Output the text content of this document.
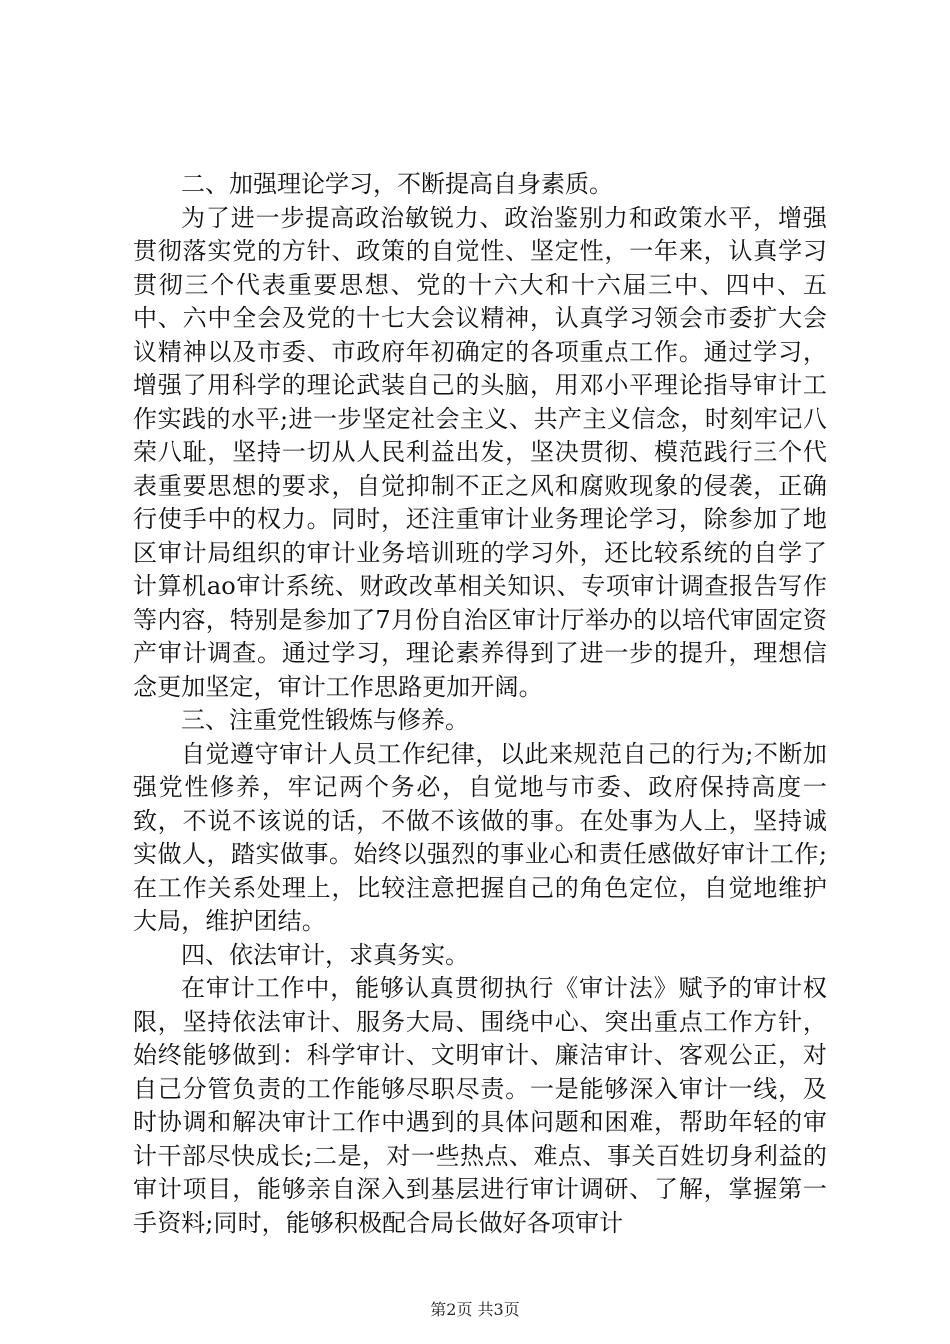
二、加强理论学习，不断提高自身素质。

为了进一步提高政治敏锐力、政治鉴别力和政策水平，增强贯彻落实党的方针、政策的自觉性、坚定性，一年来，认真学习贯彻三个代表重要思想、党的十六大和十六届三中、四中、五中、六中全会及党的十七大会议精神，认真学习领会市委扩大会议精神以及市委、市政府年初确定的各项重点工作。通过学习，增强了用科学的理论武装自己的头脑，用邓小平理论指导审计工作实践的水平;进一步坚定社会主义、共产主义信念，时刻牢记八荣八耻，坚持一切从人民利益出发，坚决贯彻、模范践行三个代表重要思想的要求，自觉抑制不正之风和腐败现象的侵袭，正确行使手中的权力。同时，还注重审计业务理论学习，除参加了地区审计局组织的审计业务培训班的学习外，还比较系统的自学了计算机ao审计系统、财政改革相关知识、专项审计调查报告写作等内容，特别是参加了7月份自治区审计厅举办的以培代审固定资产审计调查。通过学习，理论素养得到了进一步的提升，理想信念更加坚定，审计工作思路更加开阔。

三、注重党性锻炼与修养。

自觉遵守审计人员工作纪律，以此来规范自己的行为;不断加强党性修养，牢记两个务必，自觉地与市委、政府保持高度一致，不说不该说的话，不做不该做的事。在处事为人上，坚持诚实做人，踏实做事。始终以强烈的事业心和责任感做好审计工作;在工作关系处理上，比较注意把握自己的角色定位，自觉地维护大局，维护团结。

四、依法审计，求真务实。

在审计工作中，能够认真贯彻执行《审计法》赋予的审计权限，坚持依法审计、服务大局、围绕中心、突出重点工作方针，始终能够做到：科学审计、文明审计、廉洁审计、客观公正，对自己分管负责的工作能够尽职尽责。一是能够深入审计一线，及时协调和解决审计工作中遇到的具体问题和困难，帮助年轻的审计干部尽快成长;二是，对一些热点、难点、事关百姓切身利益的审计项目，能够亲自深入到基层进行审计调研、了解，掌握第一手资料;同时，能够积极配合局长做好各项审计

第2页 共3页
